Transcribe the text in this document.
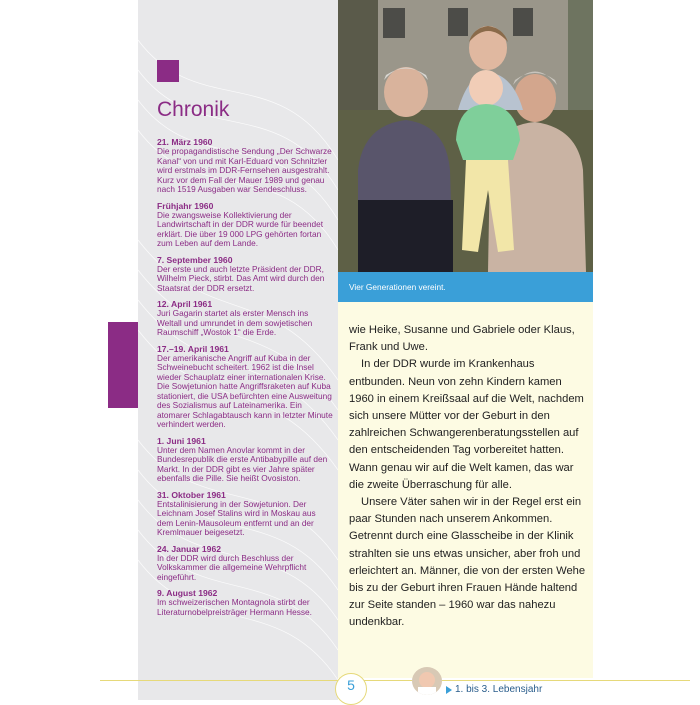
Chronik
21. März 1960
Die propagandistische Sendung „Der Schwarze Kanal“ von und mit Karl-Eduard von Schnitzler wird erstmals im DDR-Fernsehen ausgestrahlt. Kurz vor dem Fall der Mauer 1989 und genau nach 1519 Ausgaben war Sendeschluss.
Frühjahr 1960
Die zwangsweise Kollektivierung der Landwirtschaft in der DDR wurde für beendet erklärt. Die über 19 000 LPG gehörten fortan zum Leben auf dem Lande.
7. September 1960
Der erste und auch letzte Präsident der DDR, Wilhelm Pieck, stirbt. Das Amt wird durch den Staatsrat der DDR ersetzt.
12. April 1961
Juri Gagarin startet als erster Mensch ins Weltall und umrundet in dem sowjetischen Raumschiff „Wostok 1“ die Erde.
17.–19. April 1961
Der amerikanische Angriff auf Kuba in der Schweinebucht scheitert. 1962 ist die Insel wieder Schauplatz einer internationalen Krise. Die Sowjetunion hatte Angriffsraketen auf Kuba stationiert, die USA befürchten eine Ausweitung des Sozialismus auf Lateinamerika. Ein atomarer Schlagabtausch kann in letzter Minute verhindert werden.
1. Juni 1961
Unter dem Namen Anovlar kommt in der Bundesrepublik die erste Antibabypille auf den Markt. In der DDR gibt es vier Jahre später ebenfalls die Pille. Sie heißt Ovosiston.
31. Oktober 1961
Entstalinisierung in der Sowjetunion. Der Leichnam Josef Stalins wird in Moskau aus dem Lenin-Mausoleum entfernt und an der Kremlmauer beigesetzt.
24. Januar 1962
In der DDR wird durch Beschluss der Volkskammer die allgemeine Wehrpflicht eingeführt.
9. August 1962
Im schweizerischen Montagnola stirbt der Literaturnobelpreisträger Hermann Hesse.
Vier Generationen vereint.

wie Heike, Susanne und Gabriele oder Klaus, Frank und Uwe.

In der DDR wurde im Krankenhaus entbunden. Neun von zehn Kindern kamen 1960 in einem Kreißsaal auf die Welt, nachdem sich unsere Mütter vor der Geburt in den zahlreichen Schwangerenberatungsstellen auf den entscheidenden Tag vorbereitet hatten. Wann genau wir auf die Welt kamen, das war die zweite Überraschung für alle.

Unsere Väter sahen wir in der Regel erst ein paar Stunden nach unserem Ankommen. Getrennt durch eine Glasscheibe in der Klinik strahlten sie uns etwas unsicher, aber froh und erleichtert an. Männer, die von der ersten Wehe bis zu der Geburt ihren Frauen Hände haltend zur Seite standen – 1960 war das nahezu undenkbar.

5	1. bis 3. Lebensjahr
